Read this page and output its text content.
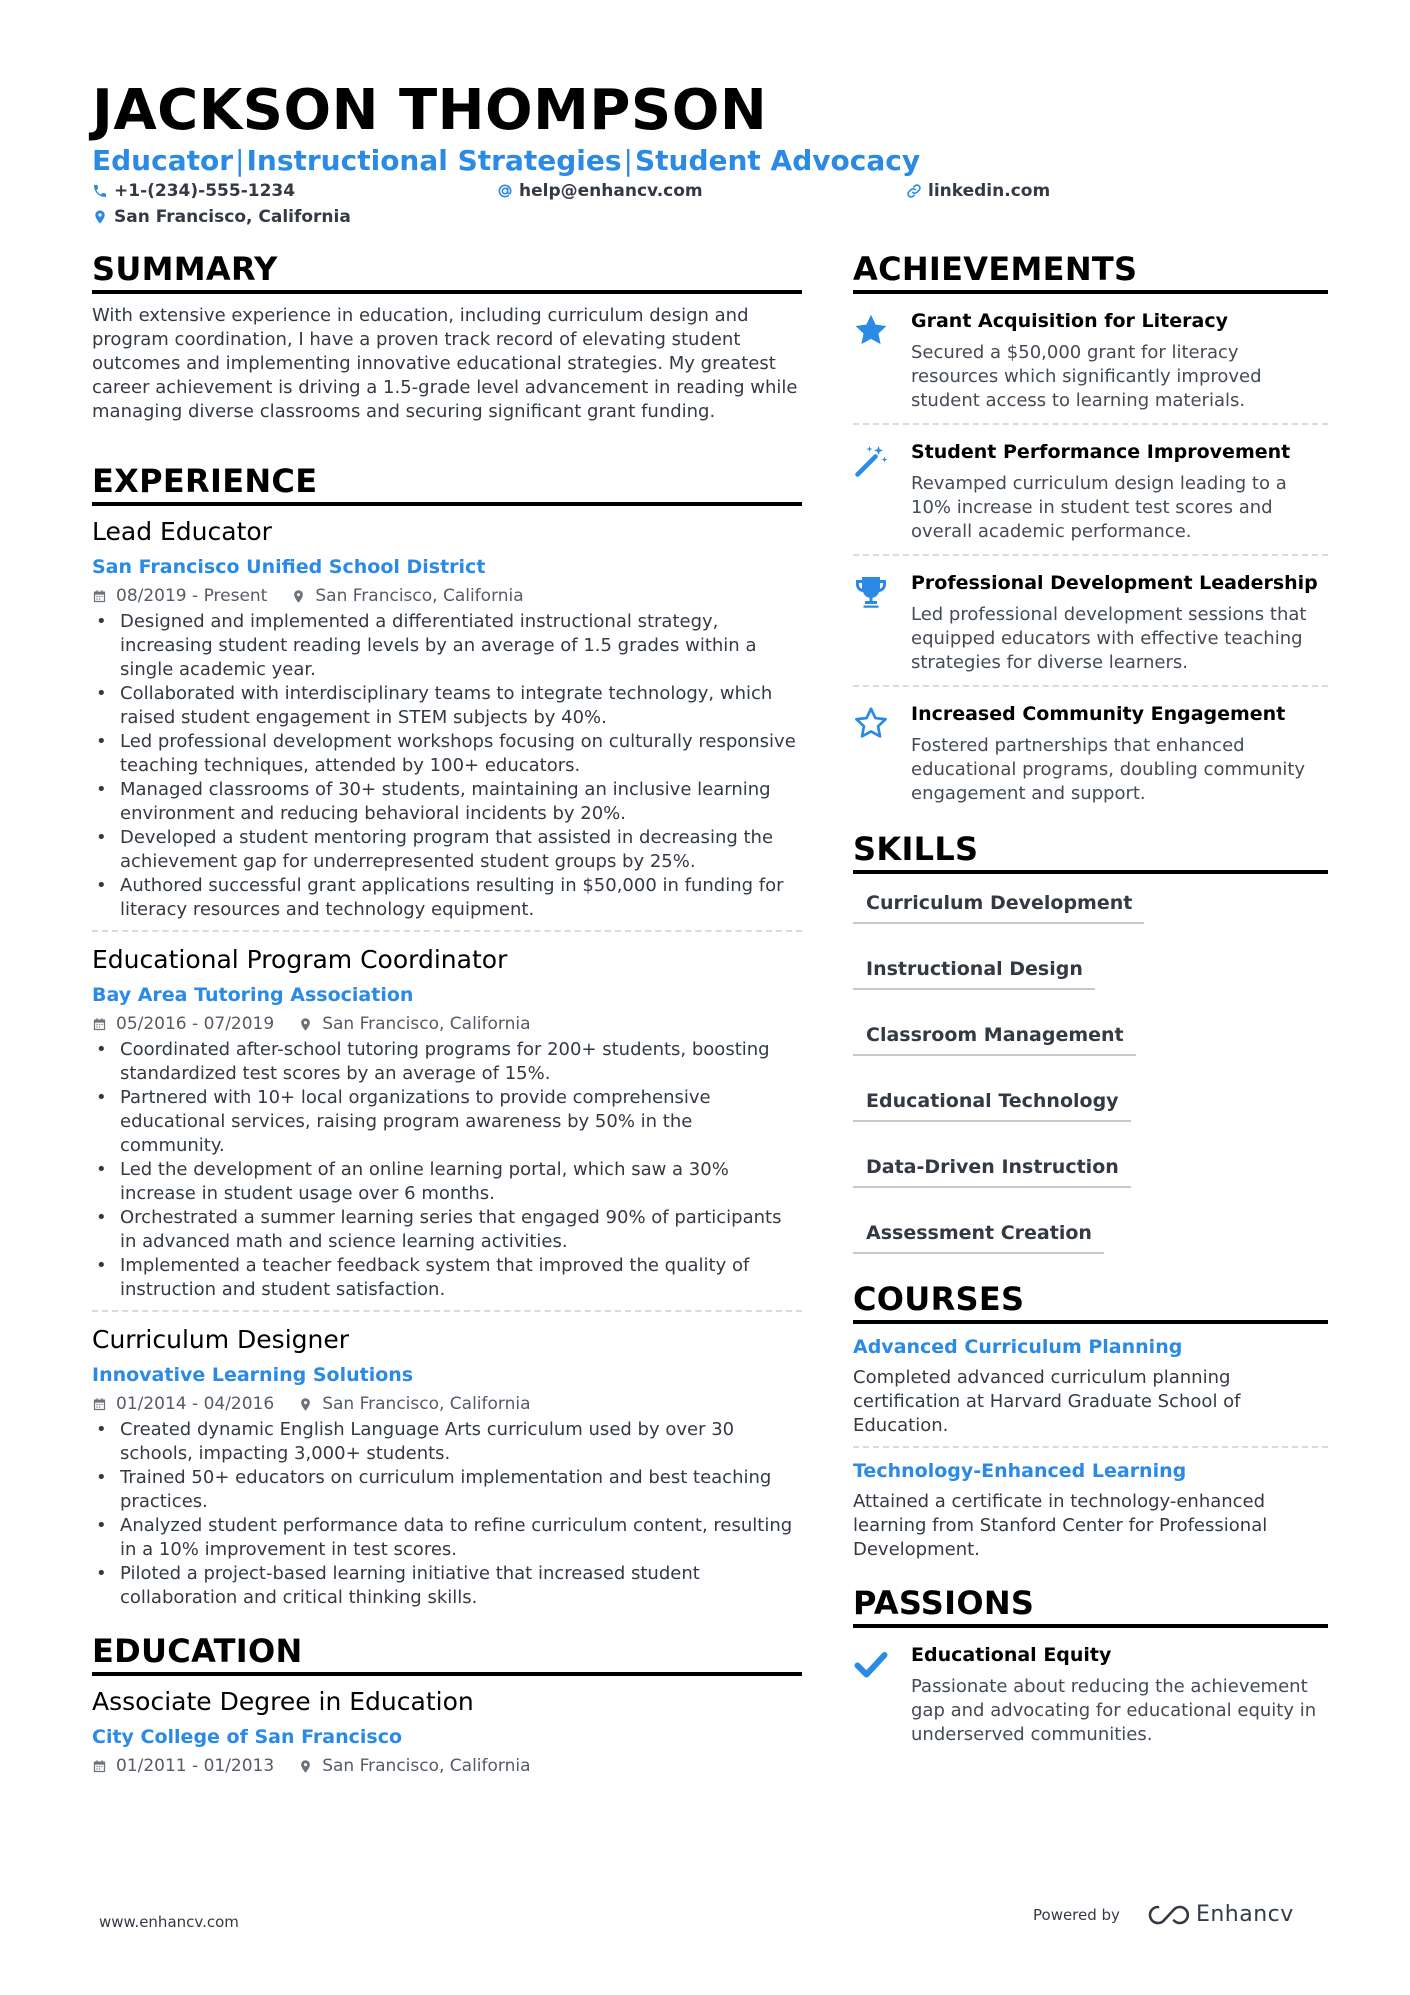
JACKSON THOMPSON
Educator|Instructional Strategies|Student Advocacy
+1-(234)-555-1234	help@enhancv.com	linkedin.com
San Francisco, California
SUMMARY
With extensive experience in education, including curriculum design and program coordination, I have a proven track record of elevating student outcomes and implementing innovative educational strategies. My greatest career achievement is driving a 1.5-grade level advancement in reading while managing diverse classrooms and securing significant grant funding.
EXPERIENCE
Lead Educator
San Francisco Unified School District
08/2019 - Present	San Francisco, California
• Designed and implemented a differentiated instructional strategy, increasing student reading levels by an average of 1.5 grades within a single academic year.
• Collaborated with interdisciplinary teams to integrate technology, which raised student engagement in STEM subjects by 40%.
• Led professional development workshops focusing on culturally responsive teaching techniques, attended by 100+ educators.
• Managed classrooms of 30+ students, maintaining an inclusive learning environment and reducing behavioral incidents by 20%.
• Developed a student mentoring program that assisted in decreasing the achievement gap for underrepresented student groups by 25%.
• Authored successful grant applications resulting in $50,000 in funding for literacy resources and technology equipment.
Educational Program Coordinator
Bay Area Tutoring Association
05/2016 - 07/2019	San Francisco, California
• Coordinated after-school tutoring programs for 200+ students, boosting standardized test scores by an average of 15%.
• Partnered with 10+ local organizations to provide comprehensive educational services, raising program awareness by 50% in the community.
• Led the development of an online learning portal, which saw a 30% increase in student usage over 6 months.
• Orchestrated a summer learning series that engaged 90% of participants in advanced math and science learning activities.
• Implemented a teacher feedback system that improved the quality of instruction and student satisfaction.
Curriculum Designer
Innovative Learning Solutions
01/2014 - 04/2016	San Francisco, California
• Created dynamic English Language Arts curriculum used by over 30 schools, impacting 3,000+ students.
• Trained 50+ educators on curriculum implementation and best teaching practices.
• Analyzed student performance data to refine curriculum content, resulting in a 10% improvement in test scores.
• Piloted a project-based learning initiative that increased student collaboration and critical thinking skills.
EDUCATION
Associate Degree in Education
City College of San Francisco
01/2011 - 01/2013	San Francisco, California
ACHIEVEMENTS
Grant Acquisition for Literacy
Secured a $50,000 grant for literacy resources which significantly improved student access to learning materials.
Student Performance Improvement
Revamped curriculum design leading to a 10% increase in student test scores and overall academic performance.
Professional Development Leadership
Led professional development sessions that equipped educators with effective teaching strategies for diverse learners.
Increased Community Engagement
Fostered partnerships that enhanced educational programs, doubling community engagement and support.
SKILLS
Curriculum Development
Instructional Design
Classroom Management
Educational Technology
Data-Driven Instruction
Assessment Creation
COURSES
Advanced Curriculum Planning
Completed advanced curriculum planning certification at Harvard Graduate School of Education.
Technology-Enhanced Learning
Attained a certificate in technology-enhanced learning from Stanford Center for Professional Development.
PASSIONS
Educational Equity
Passionate about reducing the achievement gap and advocating for educational equity in underserved communities.
www.enhancv.com	Powered by	Enhancv
